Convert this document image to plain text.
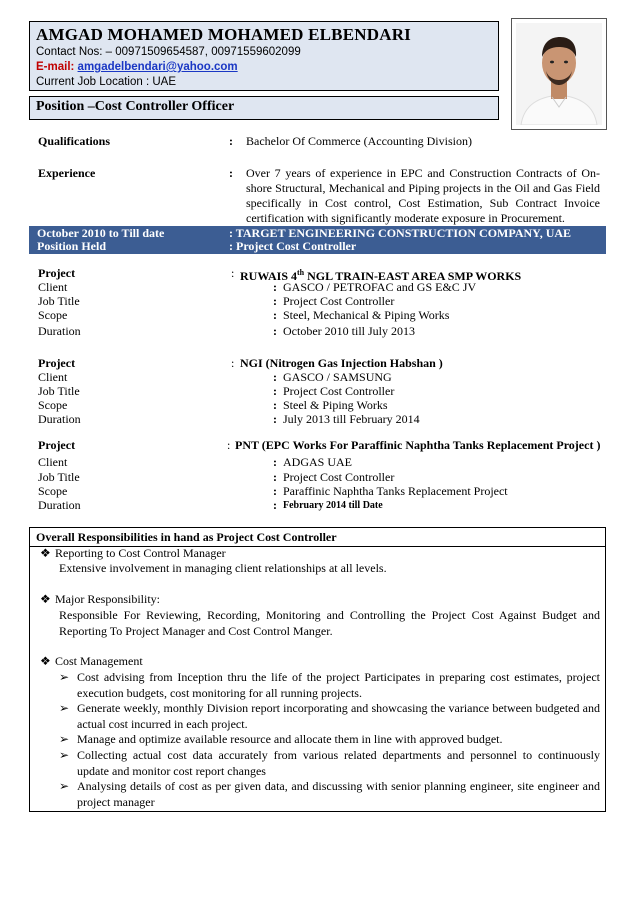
AMGAD MOHAMED MOHAMED ELBENDARI
Contact Nos: – 00971509654587, 00971559602099
E-mail: amgadelbendari@yahoo.com
Current Job Location : UAE
Position –Cost Controller Officer
Qualifications	: Bachelor Of Commerce (Accounting Division)
Experience	: Over 7 years of experience in EPC and Construction Contracts of On-shore Structural, Mechanical and Piping projects in the Oil and Gas Field specifically in Cost control, Cost Estimation, Sub Contract Invoice certification with significantly moderate exposure in Procurement.
October 2010 to Till date	: TARGET ENGINEERING CONSTRUCTION COMPANY, UAE
Position Held	: Project Cost Controller
Project	: RUWAIS 4th NGL TRAIN-EAST AREA SMP WORKS
Client	: GASCO / PETROFAC and GS E&C JV
Job Title	: Project Cost Controller
Scope	: Steel, Mechanical & Piping Works
Duration	: October 2010 till July 2013
Project	: NGI (Nitrogen Gas Injection Habshan )
Client	: GASCO / SAMSUNG
Job Title	: Project Cost Controller
Scope	: Steel & Piping Works
Duration	: July 2013 till February 2014
Project	: PNT (EPC Works For Paraffinic Naphtha Tanks Replacement Project )
Client	: ADGAS UAE
Job Title	: Project Cost Controller
Scope	: Paraffinic Naphtha Tanks Replacement Project
Duration	: February 2014 till Date
Overall Responsibilities in hand as Project Cost Controller
❖ Reporting to Cost Control Manager
Extensive involvement in managing client relationships at all levels.
❖ Major Responsibility:
Responsible For Reviewing, Recording, Monitoring and Controlling the Project Cost Against Budget and Reporting To Project Manager and Cost Control Manger.
❖ Cost Management
➢ Cost advising from Inception thru the life of the project Participates in preparing cost estimates, project execution budgets, cost monitoring for all running projects.
➢ Generate weekly, monthly Division report incorporating and showcasing the variance between budgeted and actual cost incurred in each project.
➢ Manage and optimize available resource and allocate them in line with approved budget.
➢ Collecting actual cost data accurately from various related departments and personnel to continuously update and monitor cost report changes
➢ Analysing details of cost as per given data, and discussing with senior planning engineer, site engineer and project manager
